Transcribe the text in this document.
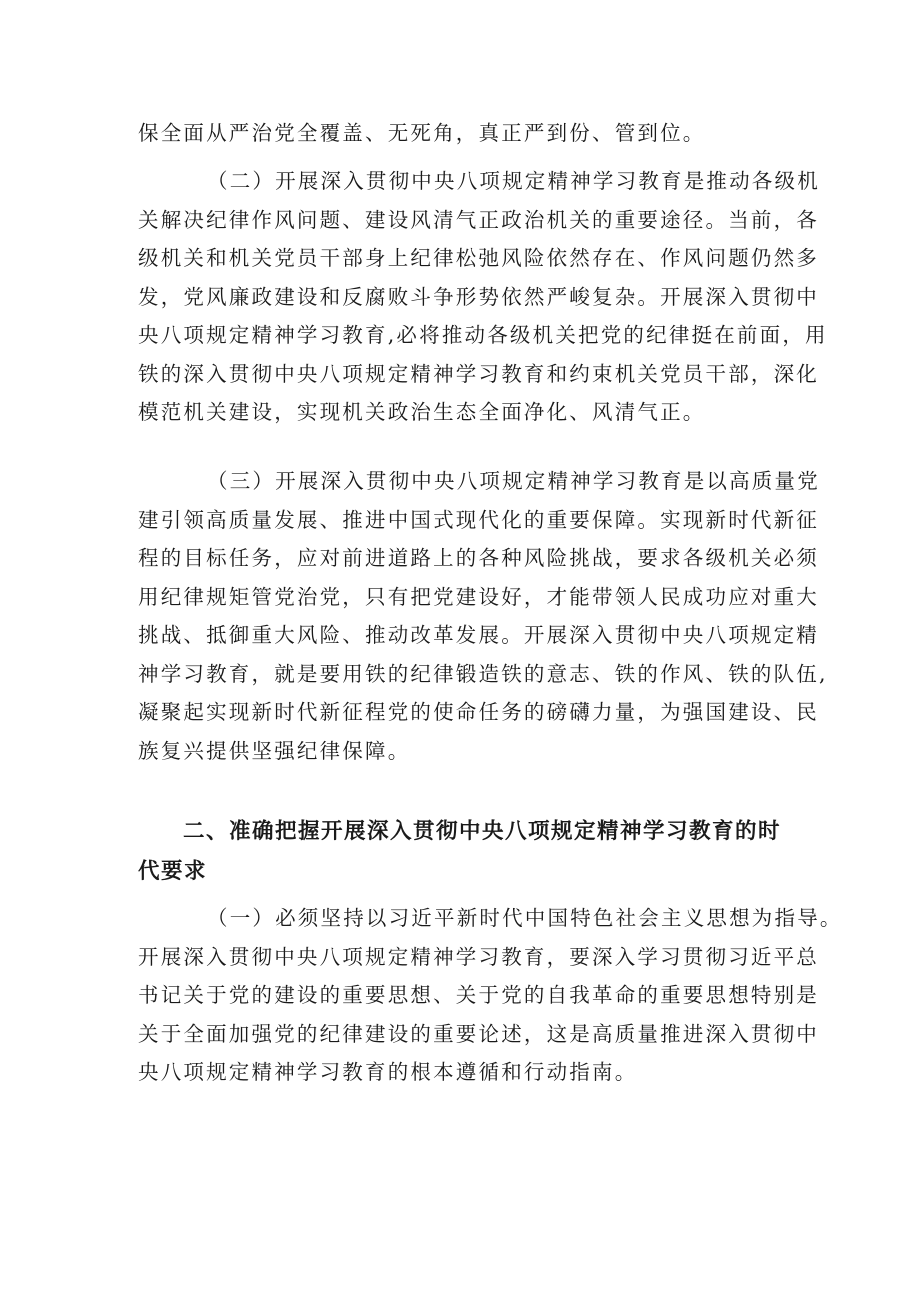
保全面从严治党全覆盖、无死角，真正严到份、管到位。
（二）开展深入贯彻中央八项规定精神学习教育是推动各级机
关解决纪律作风问题、建设风清气正政治机关的重要途径。当前，各
级机关和机关党员干部身上纪律松弛风险依然存在、作风问题仍然多
发，党风廉政建设和反腐败斗争形势依然严峻复杂。开展深入贯彻中
央八项规定精神学习教育,必将推动各级机关把党的纪律挺在前面，用
铁的深入贯彻中央八项规定精神学习教育和约束机关党员干部，深化
模范机关建设，实现机关政治生态全面净化、风清气正。
（三）开展深入贯彻中央八项规定精神学习教育是以高质量党
建引领高质量发展、推进中国式现代化的重要保障。实现新时代新征
程的目标任务，应对前进道路上的各种风险挑战，要求各级机关必须
用纪律规矩管党治党，只有把党建设好，才能带领人民成功应对重大
挑战、抵御重大风险、推动改革发展。开展深入贯彻中央八项规定精
神学习教育，就是要用铁的纪律锻造铁的意志、铁的作风、铁的队伍,
凝聚起实现新时代新征程党的使命任务的磅礴力量，为强国建设、民
族复兴提供坚强纪律保障。
二、准确把握开展深入贯彻中央八项规定精神学习教育的时
代要求
（一）必须坚持以习近平新时代中国特色社会主义思想为指导。
开展深入贯彻中央八项规定精神学习教育，要深入学习贯彻习近平总
书记关于党的建设的重要思想、关于党的自我革命的重要思想特别是
关于全面加强党的纪律建设的重要论述，这是高质量推进深入贯彻中
央八项规定精神学习教育的根本遵循和行动指南。
